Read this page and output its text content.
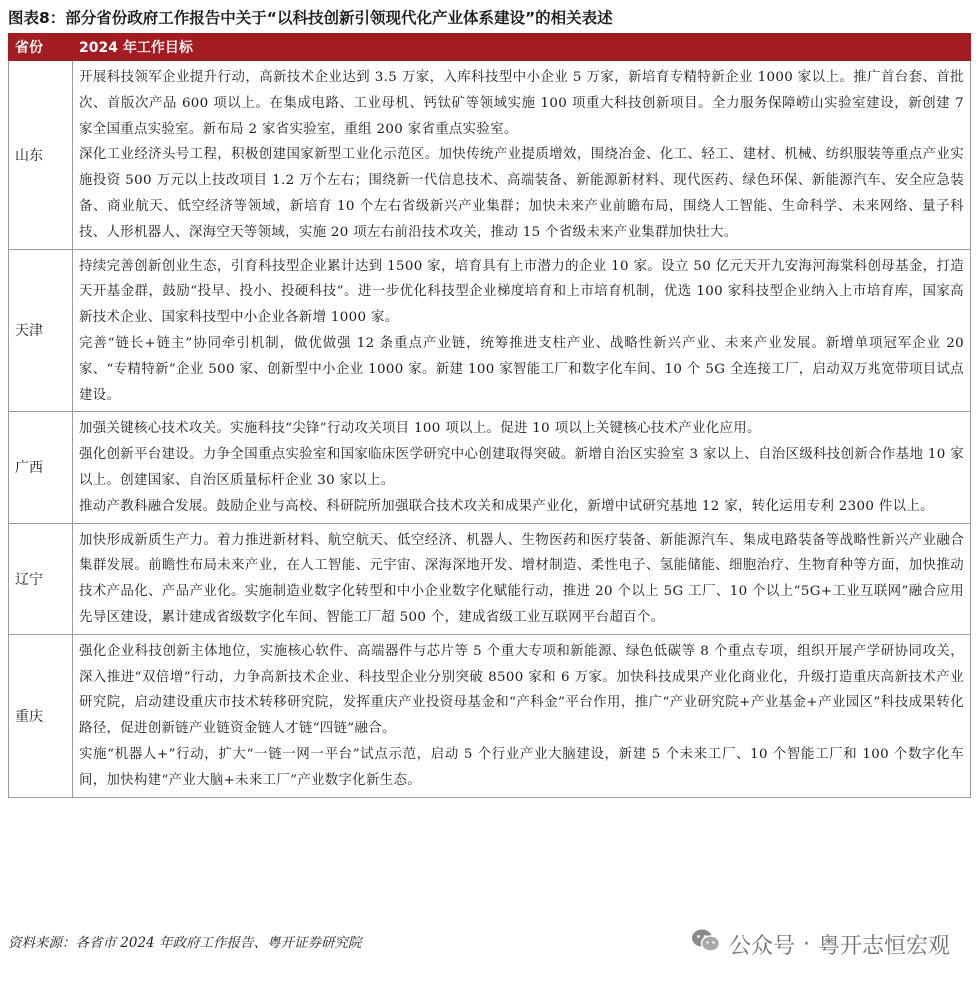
图表8：部分省份政府工作报告中关于“以科技创新引领现代化产业体系建设”的相关表述
省份	2024 年工作目标
山东	开展科技领军企业提升行动，高新技术企业达到 3.5 万家，入库科技型中小企业 5 万家，新培育专精特新企业 1000 家以上。推广首台套、首批次、首版次产品 600 项以上。在集成电路、工业母机、钙钛矿等领域实施 100 项重大科技创新项目。全力服务保障崂山实验室建设，新创建 7 家全国重点实验室。新布局 2 家省实验室，重组 200 家省重点实验室。
深化工业经济头号工程，积极创建国家新型工业化示范区。加快传统产业提质增效，围绕冶金、化工、轻工、建材、机械、纺织服装等重点产业实施投资 500 万元以上技改项目 1.2 万个左右；围绕新一代信息技术、高端装备、新能源新材料、现代医药、绿色环保、新能源汽车、安全应急装备、商业航天、低空经济等领域，新培育 10 个左右省级新兴产业集群；加快未来产业前瞻布局，围绕人工智能、生命科学、未来网络、量子科技、人形机器人、深海空天等领域，实施 20 项左右前沿技术攻关，推动 15 个省级未来产业集群加快壮大。

天津	持续完善创新创业生态，引育科技型企业累计达到 1500 家，培育具有上市潜力的企业 10 家。设立 50 亿元天开九安海河海棠科创母基金，打造天开基金群，鼓励“投早、投小、投硬科技”。进一步优化科技型企业梯度培育和上市培育机制，优选 100 家科技型企业纳入上市培育库，国家高新技术企业、国家科技型中小企业各新增 1000 家。
完善“链长+链主”协同牵引机制，做优做强 12 条重点产业链，统筹推进支柱产业、战略性新兴产业、未来产业发展。新增单项冠军企业 20 家、“专精特新”企业 500 家、创新型中小企业 1000 家。新建 100 家智能工厂和数字化车间、10 个 5G 全连接工厂，启动双万兆宽带项目试点建设。

广西	加强关键核心技术攻关。实施科技“尖锋”行动攻关项目 100 项以上。促进 10 项以上关键核心技术产业化应用。
强化创新平台建设。力争全国重点实验室和国家临床医学研究中心创建取得突破。新增自治区实验室 3 家以上、自治区级科技创新合作基地 10 家以上。创建国家、自治区质量标杆企业 30 家以上。
推动产教科融合发展。鼓励企业与高校、科研院所加强联合技术攻关和成果产业化，新增中试研究基地 12 家，转化运用专利 2300 件以上。

辽宁	加快形成新质生产力。着力推进新材料、航空航天、低空经济、机器人、生物医药和医疗装备、新能源汽车、集成电路装备等战略性新兴产业融合集群发展。前瞻性布局未来产业，在人工智能、元宇宙、深海深地开发、增材制造、柔性电子、氢能储能、细胞治疗、生物育种等方面，加快推动技术产品化、产品产业化。实施制造业数字化转型和中小企业数字化赋能行动，推进 20 个以上 5G 工厂、10 个以上“5G+工业互联网”融合应用先导区建设，累计建成省级数字化车间、智能工厂超 500 个，建成省级工业互联网平台超百个。

重庆	强化企业科技创新主体地位，实施核心软件、高端器件与芯片等 5 个重大专项和新能源、绿色低碳等 8 个重点专项，组织开展产学研协同攻关，深入推进“双倍增”行动，力争高新技术企业、科技型企业分别突破 8500 家和 6 万家。加快科技成果产业化商业化，升级打造重庆高新技术产业研究院，启动建设重庆市技术转移研究院，发挥重庆产业投资母基金和“产科金”平台作用，推广“产业研究院+产业基金+产业园区”科技成果转化路径，促进创新链产业链资金链人才链“四链”融合。
实施“机器人+”行动，扩大“一链一网一平台”试点示范，启动 5 个行业产业大脑建设，新建 5 个未来工厂、10 个智能工厂和 100 个数字化车间，加快构建“产业大脑+未来工厂”产业数字化新生态。
资料来源：各省市 2024 年政府工作报告、粤开证券研究院	公众号 · 粤开志恒宏观
